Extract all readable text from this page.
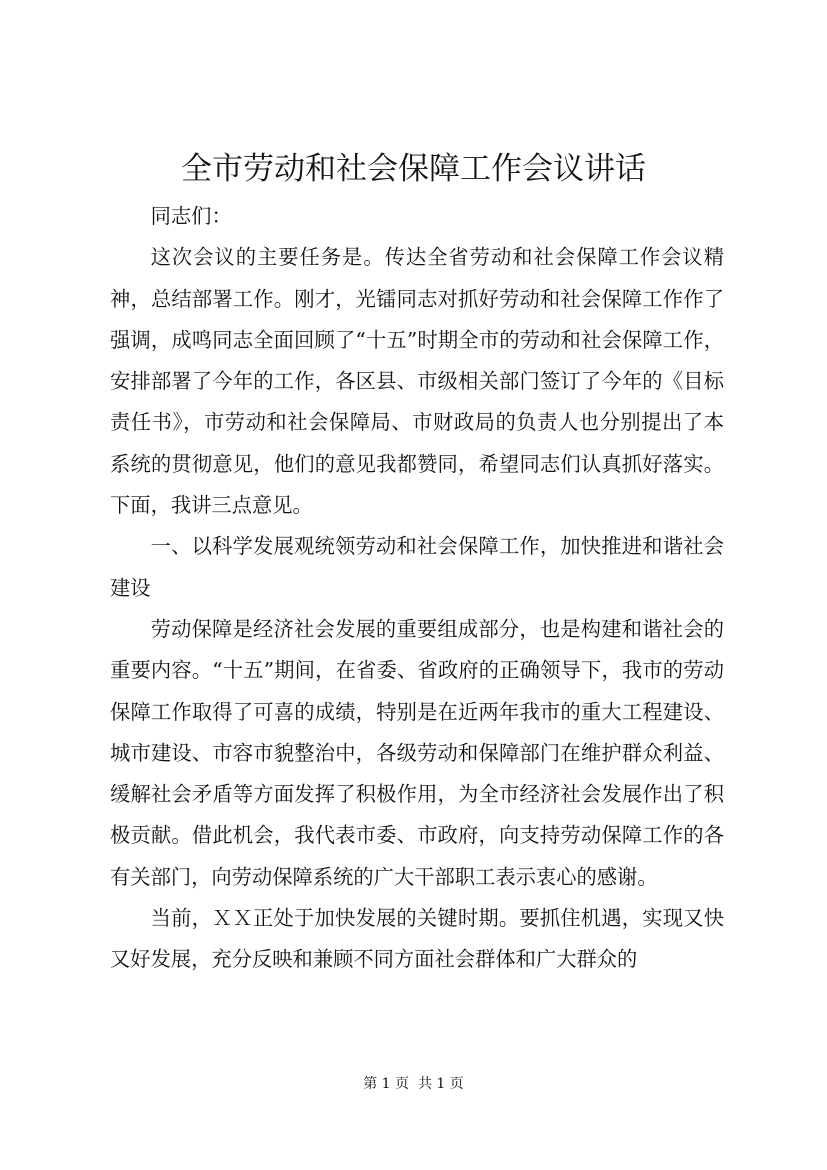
全市劳动和社会保障工作会议讲话

同志们：

这次会议的主要任务是。传达全省劳动和社会保障工作会议精神，总结部署工作。刚才，光镭同志对抓好劳动和社会保障工作作了强调，成鸣同志全面回顾了“十五”时期全市的劳动和社会保障工作，安排部署了今年的工作，各区县、市级相关部门签订了今年的《目标责任书》，市劳动和社会保障局、市财政局的负责人也分别提出了本系统的贯彻意见，他们的意见我都赞同，希望同志们认真抓好落实。下面，我讲三点意见。

一、以科学发展观统领劳动和社会保障工作，加快推进和谐社会建设

劳动保障是经济社会发展的重要组成部分，也是构建和谐社会的重要内容。“十五”期间，在省委、省政府的正确领导下，我市的劳动保障工作取得了可喜的成绩，特别是在近两年我市的重大工程建设、城市建设、市容市貌整治中，各级劳动和保障部门在维护群众利益、缓解社会矛盾等方面发挥了积极作用，为全市经济社会发展作出了积极贡献。借此机会，我代表市委、市政府，向支持劳动保障工作的各有关部门，向劳动保障系统的广大干部职工表示衷心的感谢。

当前，ＸＸ正处于加快发展的关键时期。要抓住机遇，实现又快又好发展，充分反映和兼顾不同方面社会群体和广大群众的

第 1 页  共 1 页
